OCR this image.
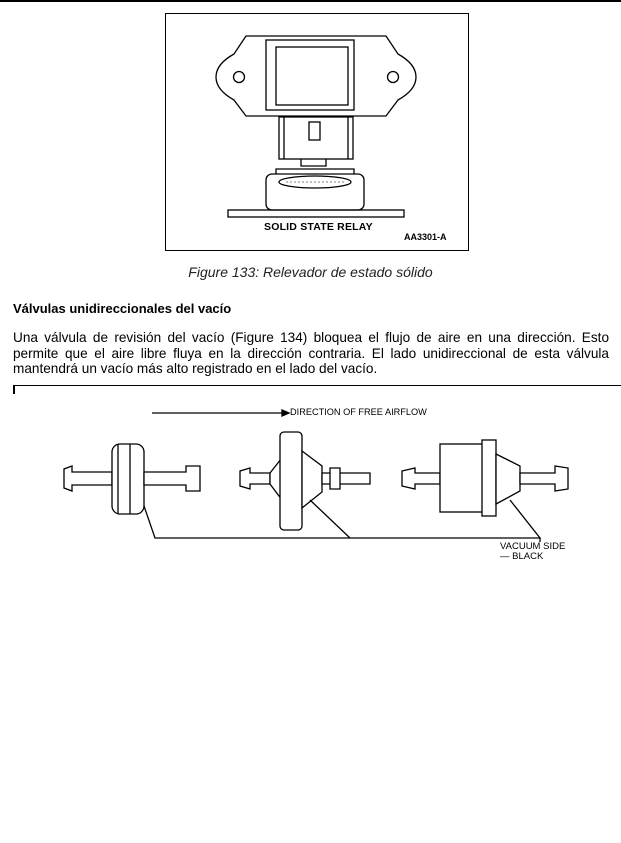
SOLID STATE RELAY
AA3301-A
Figure 133: Relevador de estado sólido
Válvulas unidireccionales del vacío
Una válvula de revisión del vacío (Figure 134) bloquea el flujo de aire en una dirección. Esto permite que el aire libre fluya en la dirección contraria. El lado unidireccional de esta válvula mantendrá un vacío más alto registrado en el lado del vacío.
DIRECTION OF FREE AIRFLOW
VACUUM SIDE
— BLACK
